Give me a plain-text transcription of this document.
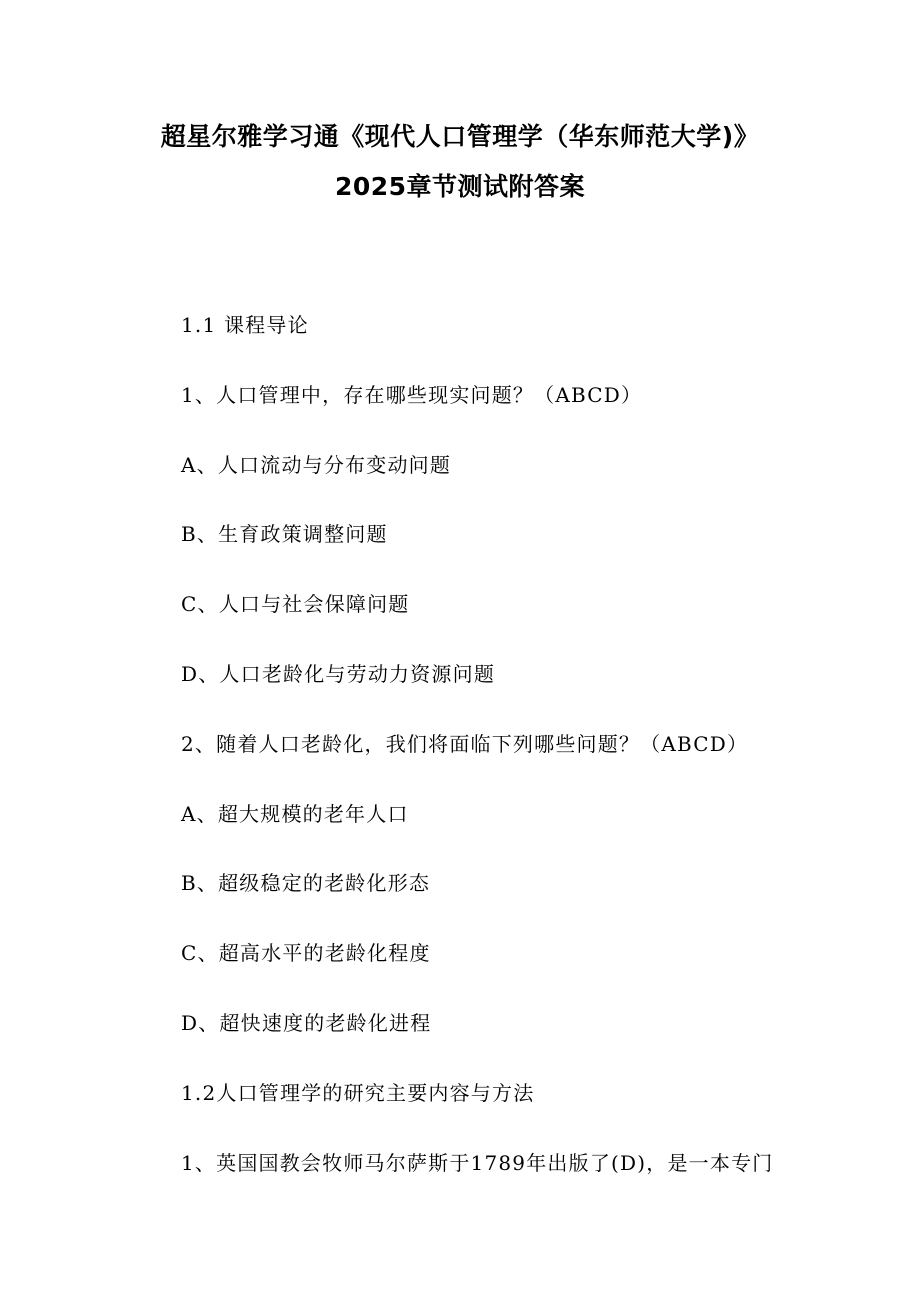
超星尔雅学习通《现代人口管理学（华东师范大学)》
2025章节测试附答案
1.1 课程导论
1、人口管理中，存在哪些现实问题？（ABCD）
A、人口流动与分布变动问题
B、生育政策调整问题
C、人口与社会保障问题
D、人口老龄化与劳动力资源问题
2、随着人口老龄化，我们将面临下列哪些问题？（ABCD）
A、超大规模的老年人口
B、超级稳定的老龄化形态
C、超高水平的老龄化程度
D、超快速度的老龄化进程
1.2人口管理学的研究主要内容与方法
1、英国国教会牧师马尔萨斯于1789年出版了(D)，是一本专门
